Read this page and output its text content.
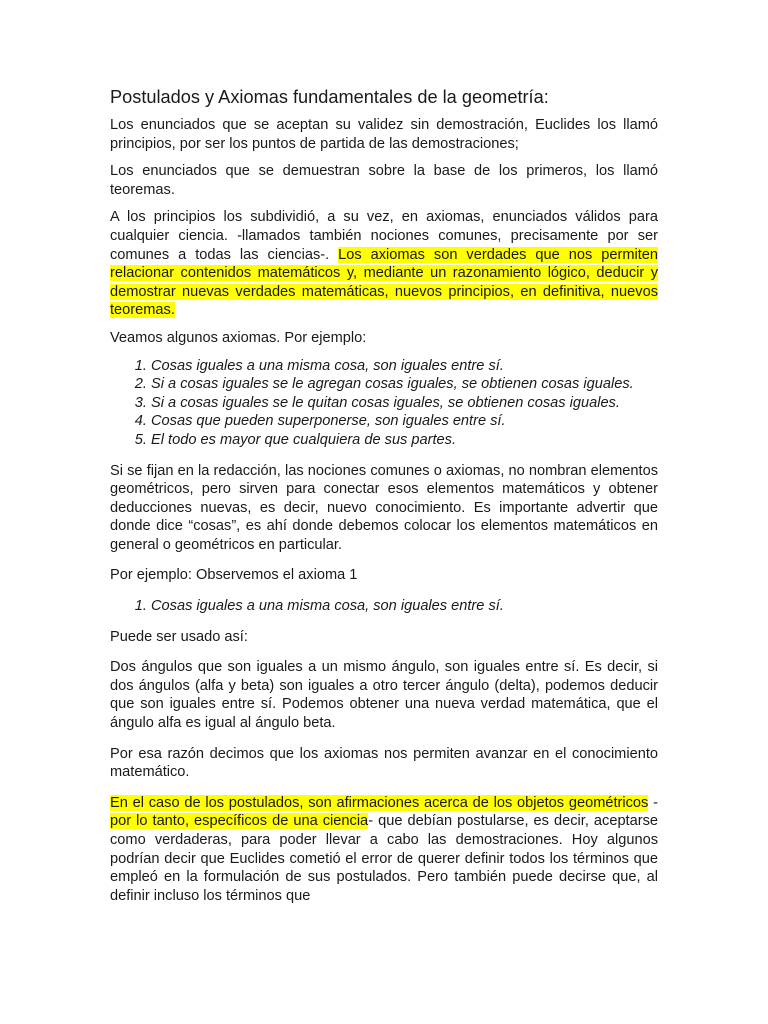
Postulados y Axiomas fundamentales de la geometría:

Los enunciados que se aceptan su validez sin demostración, Euclides los llamó principios, por ser los puntos de partida de las demostraciones;

Los enunciados que se demuestran sobre la base de los primeros, los llamó teoremas.

A los principios los subdividió, a su vez, en axiomas, enunciados válidos para cualquier ciencia. -llamados también nociones comunes, precisamente por ser comunes a todas las ciencias-. Los axiomas son verdades que nos permiten relacionar contenidos matemáticos y, mediante un razonamiento lógico, deducir y demostrar nuevas verdades matemáticas, nuevos principios, en definitiva, nuevos teoremas.

Veamos algunos axiomas. Por ejemplo:

1. Cosas iguales a una misma cosa, son iguales entre sí.
2. Si a cosas iguales se le agregan cosas iguales, se obtienen cosas iguales.
3. Si a cosas iguales se le quitan cosas iguales, se obtienen cosas iguales.
4. Cosas que pueden superponerse, son iguales entre sí.
5. El todo es mayor que cualquiera de sus partes.

Si se fijan en la redacción, las nociones comunes o axiomas, no nombran elementos geométricos, pero sirven para conectar esos elementos matemáticos y obtener deducciones nuevas, es decir, nuevo conocimiento. Es importante advertir que donde dice “cosas”, es ahí donde debemos colocar los elementos matemáticos en general o geométricos en particular.

Por ejemplo: Observemos el axioma 1

1. Cosas iguales a una misma cosa, son iguales entre sí.

Puede ser usado así:

Dos ángulos que son iguales a un mismo ángulo, son iguales entre sí. Es decir, si dos ángulos (alfa y beta) son iguales a otro tercer ángulo (delta), podemos deducir que son iguales entre sí. Podemos obtener una nueva verdad matemática, que el ángulo alfa es igual al ángulo beta.

Por esa razón decimos que los axiomas nos permiten avanzar en el conocimiento matemático.

En el caso de los postulados, son afirmaciones acerca de los objetos geométricos -por lo tanto, específicos de una ciencia- que debían postularse, es decir, aceptarse como verdaderas, para poder llevar a cabo las demostraciones. Hoy algunos podrían decir que Euclides cometió el error de querer definir todos los términos que empleó en la formulación de sus postulados. Pero también puede decirse que, al definir incluso los términos que
